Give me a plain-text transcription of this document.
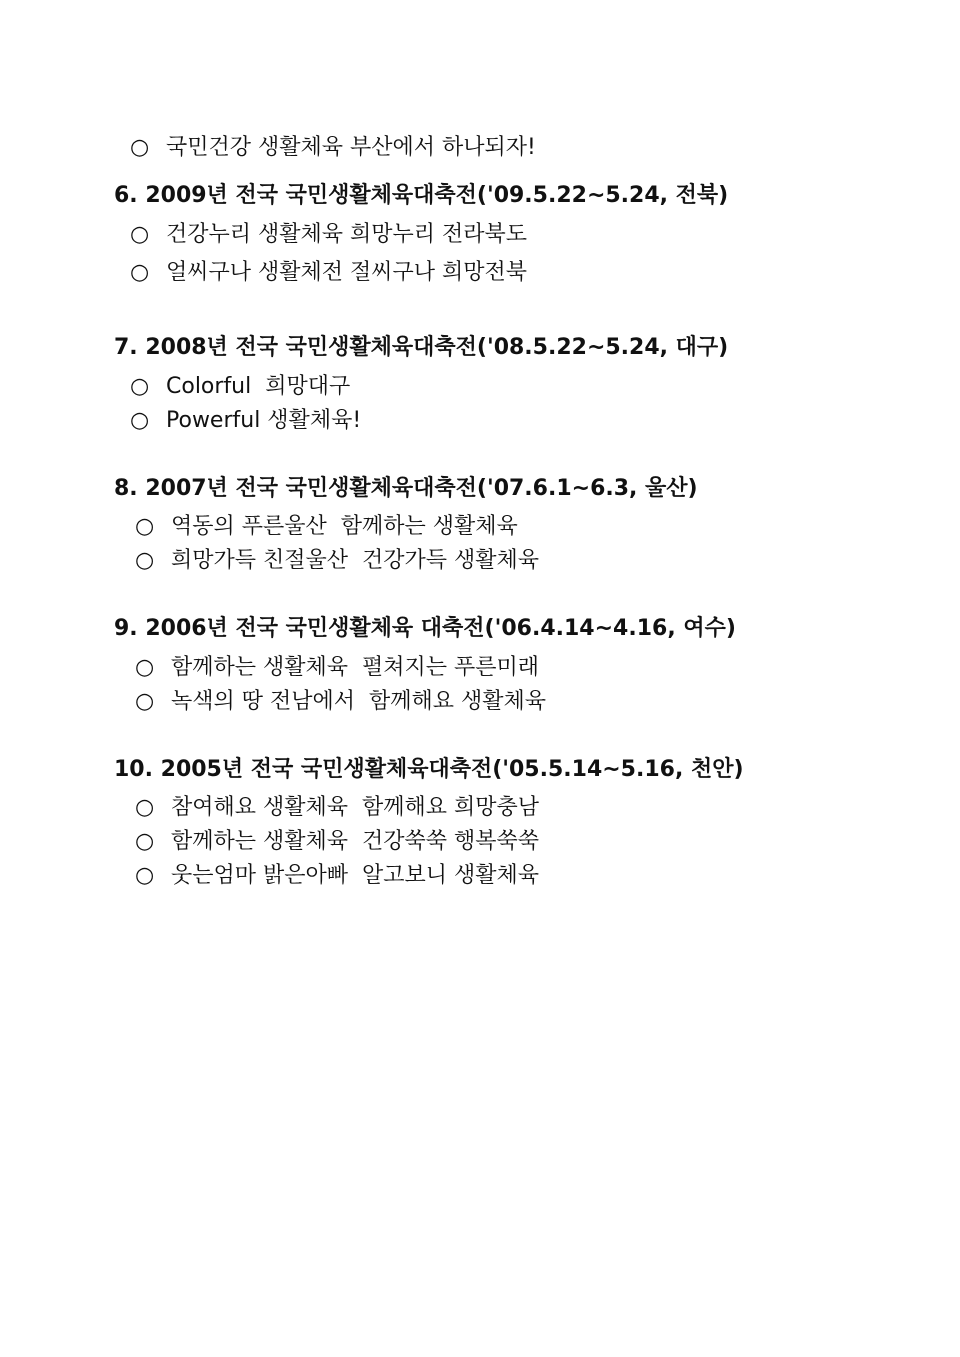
○ 국민건강 생활체육 부산에서 하나되자!
6. 2009년 전국 국민생활체육대축전('09.5.22~5.24, 전북)
○ 건강누리 생활체육 희망누리 전라북도
○ 얼씨구나 생활체전 절씨구나 희망전북
7. 2008년 전국 국민생활체육대축전('08.5.22~5.24, 대구)
○ Colorful  희망대구
○ Powerful 생활체육!
8. 2007년 전국 국민생활체육대축전('07.6.1~6.3, 울산)
○ 역동의 푸른울산  함께하는 생활체육
○ 희망가득 친절울산  건강가득 생활체육
9. 2006년 전국 국민생활체육 대축전('06.4.14~4.16, 여수)
○ 함께하는 생활체육  펼쳐지는 푸른미래
○ 녹색의 땅 전남에서  함께해요 생활체육
10. 2005년 전국 국민생활체육대축전('05.5.14~5.16, 천안)
○ 참여해요 생활체육  함께해요 희망충남
○ 함께하는 생활체육  건강쑥쑥 행복쑥쑥
○ 웃는엄마 밝은아빠  알고보니 생활체육
